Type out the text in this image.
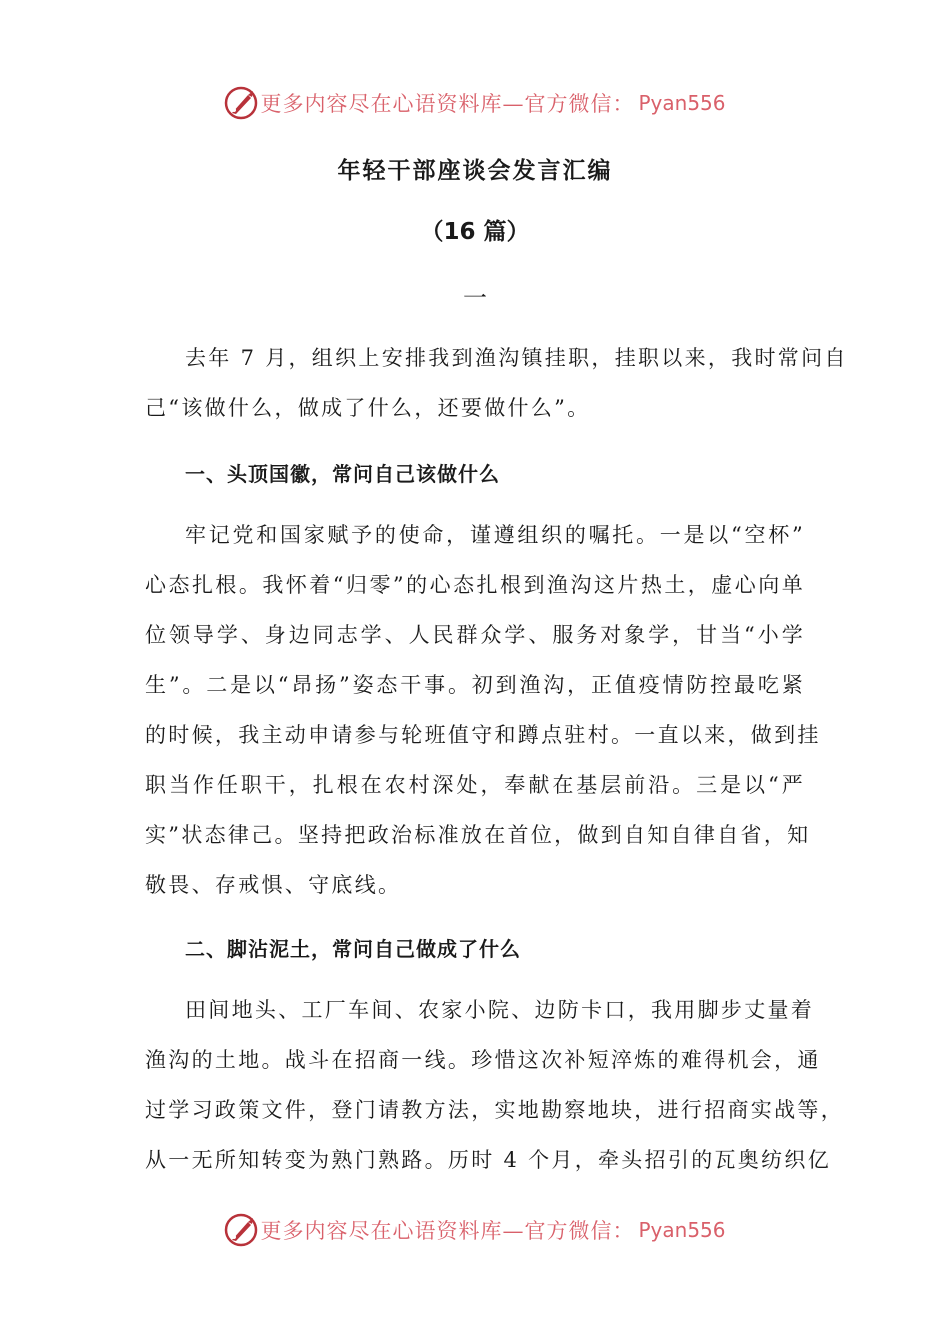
更多内容尽在心语资料库—官方微信： Pyan556
年轻干部座谈会发言汇编
（16 篇）
一
去年 7 月，组织上安排我到渔沟镇挂职，挂职以来，我时常问自
己“该做什么，做成了什么，还要做什么”。
一、头顶国徽，常问自己该做什么
牢记党和国家赋予的使命，谨遵组织的嘱托。一是以“空杯”
心态扎根。我怀着“归零”的心态扎根到渔沟这片热土，虚心向单
位领导学、身边同志学、人民群众学、服务对象学，甘当“小学
生”。二是以“昂扬”姿态干事。初到渔沟，正值疫情防控最吃紧
的时候，我主动申请参与轮班值守和蹲点驻村。一直以来，做到挂
职当作任职干，扎根在农村深处，奉献在基层前沿。三是以“严
实”状态律己。坚持把政治标准放在首位，做到自知自律自省，知
敬畏、存戒惧、守底线。
二、脚沾泥土，常问自己做成了什么
田间地头、工厂车间、农家小院、边防卡口，我用脚步丈量着
渔沟的土地。战斗在招商一线。珍惜这次补短淬炼的难得机会，通
过学习政策文件，登门请教方法，实地勘察地块，进行招商实战等，
从一无所知转变为熟门熟路。历时 4 个月，牵头招引的瓦奥纺织亿
更多内容尽在心语资料库—官方微信： Pyan556
